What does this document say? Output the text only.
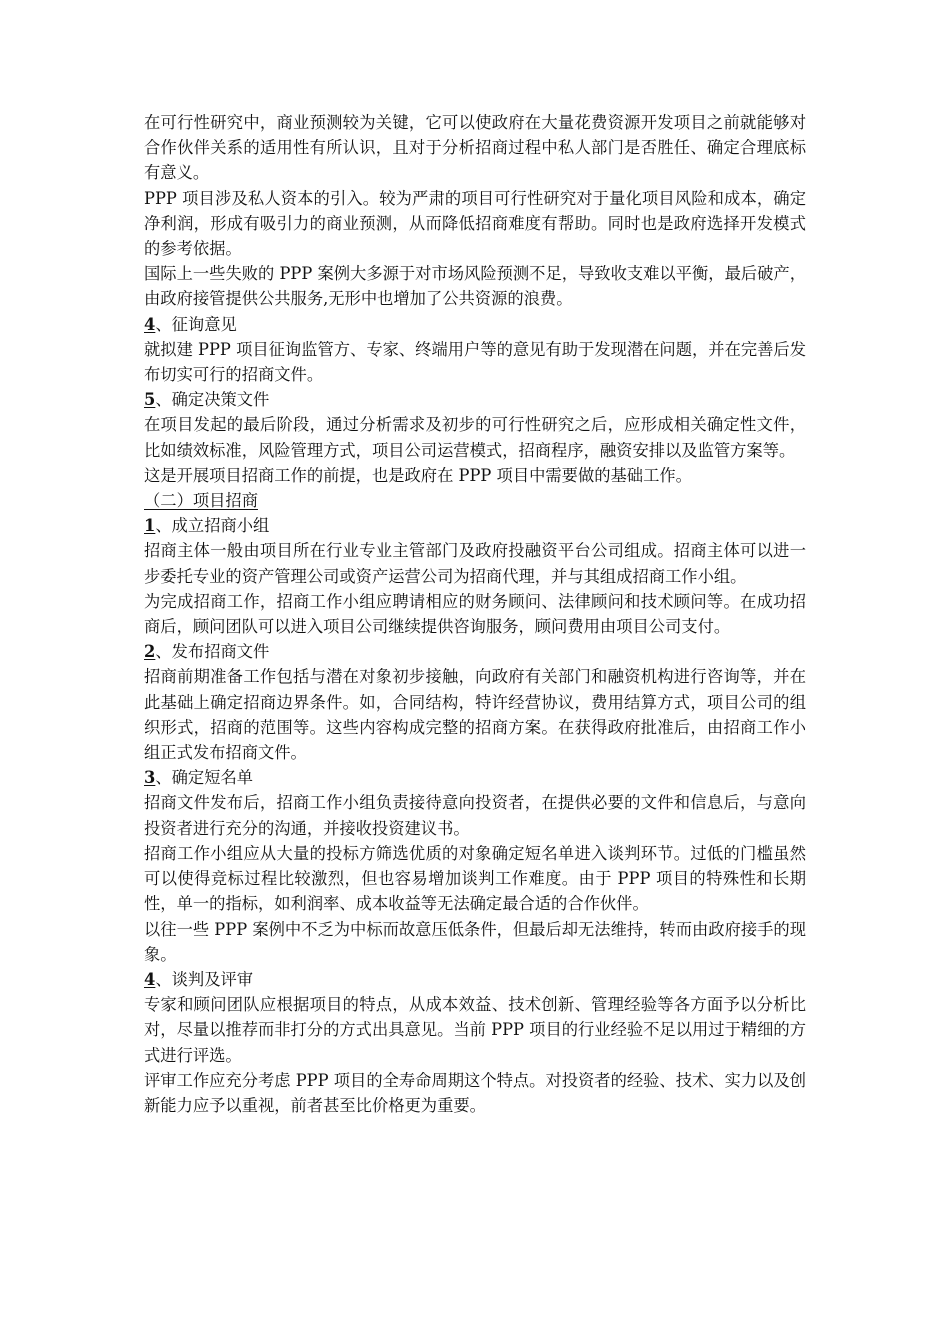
在可行性研究中，商业预测较为关键，它可以使政府在大量花费资源开发项目之前就能够对合作伙伴关系的适用性有所认识，且对于分析招商过程中私人部门是否胜任、确定合理底标有意义。

PPP 项目涉及私人资本的引入。较为严肃的项目可行性研究对于量化项目风险和成本，确定净利润，形成有吸引力的商业预测，从而降低招商难度有帮助。同时也是政府选择开发模式的参考依据。

国际上一些失败的 PPP 案例大多源于对市场风险预测不足，导致收支难以平衡，最后破产，由政府接管提供公共服务,无形中也增加了公共资源的浪费。

4、征询意见

就拟建 PPP 项目征询监管方、专家、终端用户等的意见有助于发现潜在问题，并在完善后发布切实可行的招商文件。

5、确定决策文件

在项目发起的最后阶段，通过分析需求及初步的可行性研究之后，应形成相关确定性文件，比如绩效标准，风险管理方式，项目公司运营模式，招商程序，融资安排以及监管方案等。

这是开展项目招商工作的前提，也是政府在 PPP 项目中需要做的基础工作。

（二）项目招商

1、成立招商小组

招商主体一般由项目所在行业专业主管部门及政府投融资平台公司组成。招商主体可以进一步委托专业的资产管理公司或资产运营公司为招商代理，并与其组成招商工作小组。

为完成招商工作，招商工作小组应聘请相应的财务顾问、法律顾问和技术顾问等。在成功招商后，顾问团队可以进入项目公司继续提供咨询服务，顾问费用由项目公司支付。

2、发布招商文件

招商前期准备工作包括与潜在对象初步接触，向政府有关部门和融资机构进行咨询等，并在此基础上确定招商边界条件。如，合同结构，特许经营协议，费用结算方式，项目公司的组织形式，招商的范围等。这些内容构成完整的招商方案。在获得政府批准后，由招商工作小组正式发布招商文件。

3、确定短名单

招商文件发布后，招商工作小组负责接待意向投资者，在提供必要的文件和信息后，与意向投资者进行充分的沟通，并接收投资建议书。

招商工作小组应从大量的投标方筛选优质的对象确定短名单进入谈判环节。过低的门槛虽然可以使得竞标过程比较激烈，但也容易增加谈判工作难度。由于 PPP 项目的特殊性和长期性，单一的指标，如利润率、成本收益等无法确定最合适的合作伙伴。

以往一些 PPP 案例中不乏为中标而故意压低条件，但最后却无法维持，转而由政府接手的现象。

4、谈判及评审

专家和顾问团队应根据项目的特点，从成本效益、技术创新、管理经验等各方面予以分析比对，尽量以推荐而非打分的方式出具意见。当前 PPP 项目的行业经验不足以用过于精细的方式进行评选。

评审工作应充分考虑 PPP 项目的全寿命周期这个特点。对投资者的经验、技术、实力以及创新能力应予以重视，前者甚至比价格更为重要。
